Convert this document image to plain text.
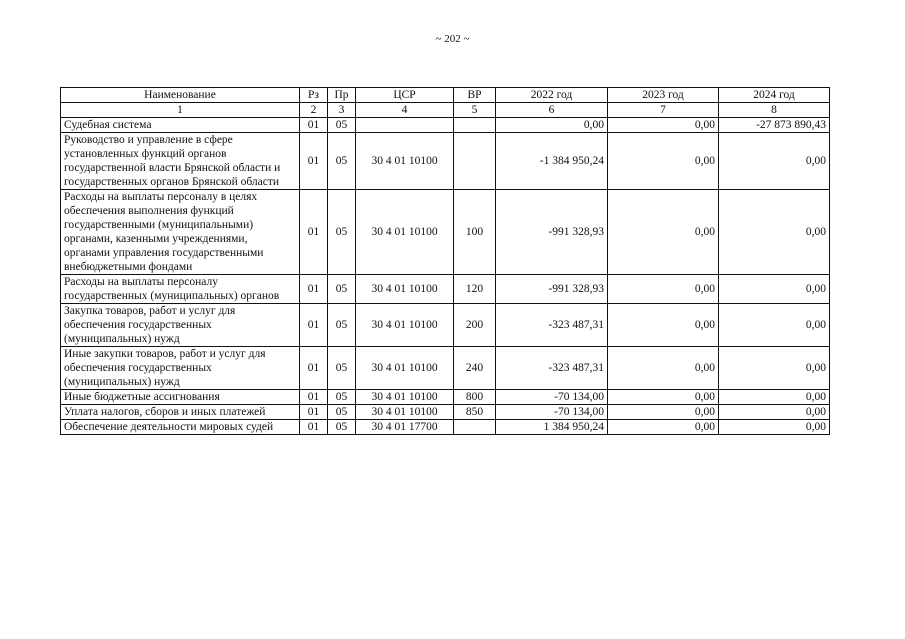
~ 202 ~
Наименование	Рз	Пр	ЦСР	ВР	2022 год	2023 год	2024 год
1	2	3	4	5	6	7	8
Судебная система	01	05			0,00	0,00	-27 873 890,43
Руководство и управление в сфере установленных функций органов государственной власти Брянской области и государственных органов Брянской области	01	05	30 4 01 10100		-1 384 950,24	0,00	0,00
Расходы на выплаты персоналу в целях обеспечения выполнения функций государственными (муниципальными) органами, казенными учреждениями, органами управления государственными внебюджетными фондами	01	05	30 4 01 10100	100	-991 328,93	0,00	0,00
Расходы на выплаты персоналу государственных (муниципальных) органов	01	05	30 4 01 10100	120	-991 328,93	0,00	0,00
Закупка товаров, работ и услуг для обеспечения государственных (муниципальных) нужд	01	05	30 4 01 10100	200	-323 487,31	0,00	0,00
Иные закупки товаров, работ и услуг для обеспечения государственных (муниципальных) нужд	01	05	30 4 01 10100	240	-323 487,31	0,00	0,00
Иные бюджетные ассигнования	01	05	30 4 01 10100	800	-70 134,00	0,00	0,00
Уплата налогов, сборов и иных платежей	01	05	30 4 01 10100	850	-70 134,00	0,00	0,00
Обеспечение деятельности мировых судей	01	05	30 4 01 17700		1 384 950,24	0,00	0,00
